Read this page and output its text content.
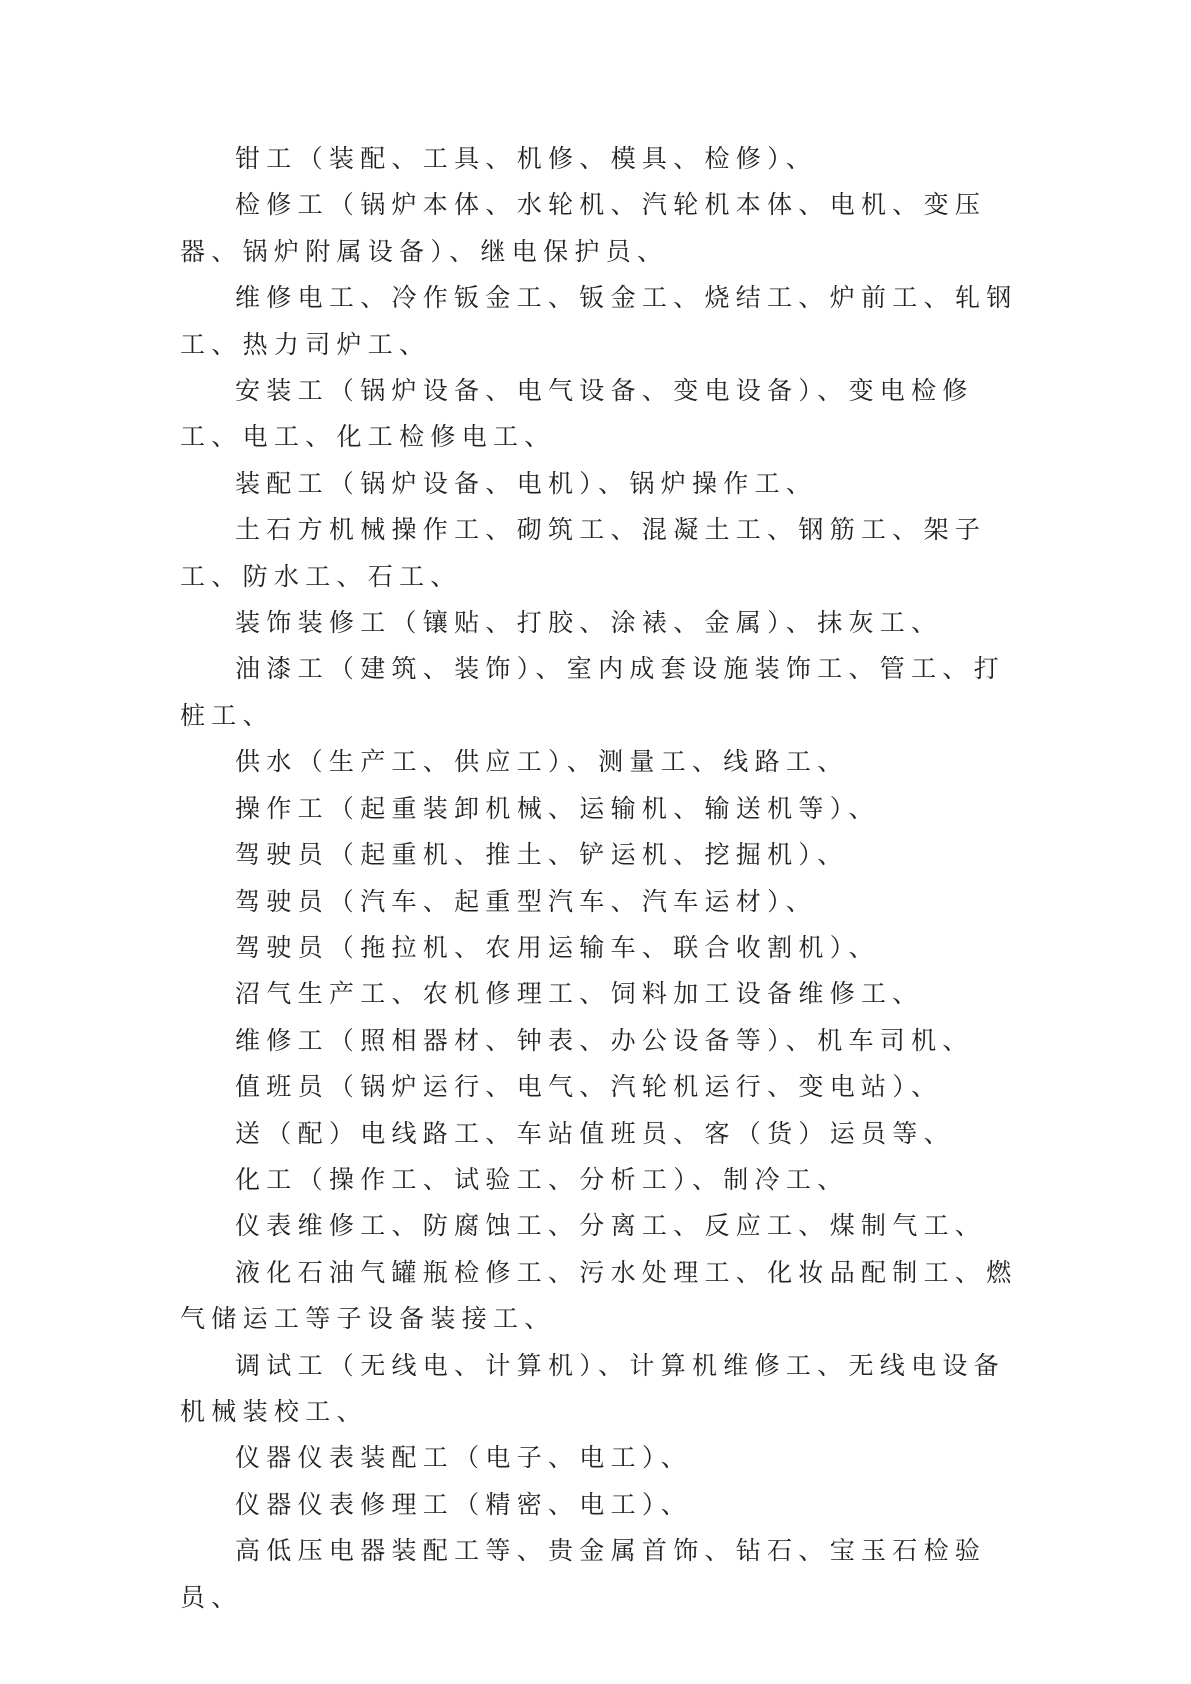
钳工（装配、工具、机修、模具、检修）、

检修工（锅炉本体、水轮机、汽轮机本体、电机、变压器、锅炉附属设备）、继电保护员、

维修电工、冷作钣金工、钣金工、烧结工、炉前工、轧钢工、热力司炉工、

安装工（锅炉设备、电气设备、变电设备）、变电检修工、电工、化工检修电工、

装配工（锅炉设备、电机）、锅炉操作工、

土石方机械操作工、砌筑工、混凝土工、钢筋工、架子工、防水工、石工、

装饰装修工（镶贴、打胶、涂裱、金属）、抹灰工、

油漆工（建筑、装饰）、室内成套设施装饰工、管工、打桩工、

供水（生产工、供应工）、测量工、线路工、

操作工（起重装卸机械、运输机、输送机等）、

驾驶员（起重机、推土、铲运机、挖掘机）、

驾驶员（汽车、起重型汽车、汽车运材）、

驾驶员（拖拉机、农用运输车、联合收割机）、

沼气生产工、农机修理工、饲料加工设备维修工、

维修工（照相器材、钟表、办公设备等）、机车司机、

值班员（锅炉运行、电气、汽轮机运行、变电站）、

送（配）电线路工、车站值班员、客（货）运员等、

化工（操作工、试验工、分析工）、制冷工、

仪表维修工、防腐蚀工、分离工、反应工、煤制气工、

液化石油气罐瓶检修工、污水处理工、化妆品配制工、燃气储运工等子设备装接工、

调试工（无线电、计算机）、计算机维修工、无线电设备机械装校工、

仪器仪表装配工（电子、电工）、

仪器仪表修理工（精密、电工）、

高低压电器装配工等、贵金属首饰、钻石、宝玉石检验员、
